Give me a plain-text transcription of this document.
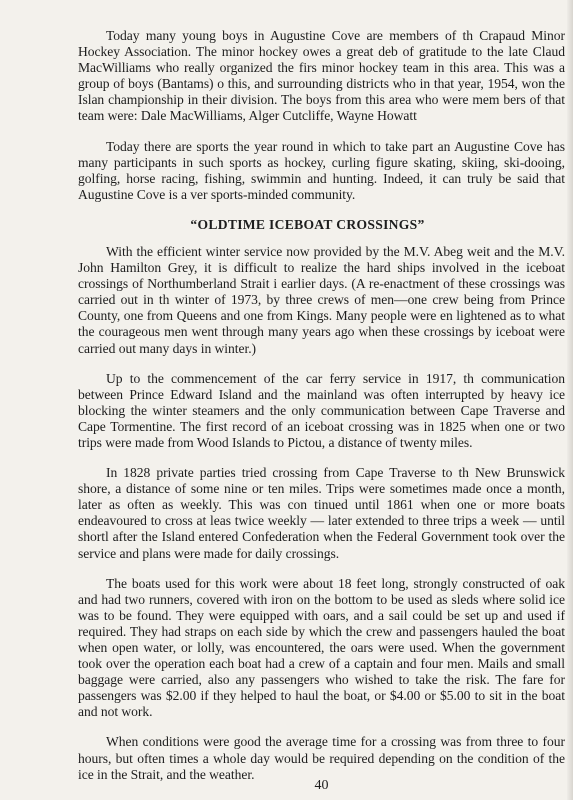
Today many young boys in Augustine Cove are members of th Crapaud Minor Hockey Association. The minor hockey owes a great deb of gratitude to the late Claud MacWilliams who really organized the firs minor hockey team in this area. This was a group of boys (Bantams) o this, and surrounding districts who in that year, 1954, won the Islan championship in their division. The boys from this area who were mem bers of that team were: Dale MacWilliams, Alger Cutcliffe, Wayne Howatt

Today there are sports the year round in which to take part an Augustine Cove has many participants in such sports as hockey, curling figure skating, skiing, ski-dooing, golfing, horse racing, fishing, swimmin and hunting. Indeed, it can truly be said that Augustine Cove is a ver sports-minded community.

“OLDTIME ICEBOAT CROSSINGS”

With the efficient winter service now provided by the M.V. Abeg weit and the M.V. John Hamilton Grey, it is difficult to realize the hard ships involved in the iceboat crossings of Northumberland Strait i earlier days. (A re-enactment of these crossings was carried out in th winter of 1973, by three crews of men—one crew being from Prince County, one from Queens and one from Kings. Many people were en lightened as to what the courageous men went through many years ago when these crossings by iceboat were carried out many days in winter.)

Up to the commencement of the car ferry service in 1917, th communication between Prince Edward Island and the mainland was often interrupted by heavy ice blocking the winter steamers and the only communication between Cape Traverse and Cape Tormentine. The first record of an iceboat crossing was in 1825 when one or two trips were made from Wood Islands to Pictou, a distance of twenty miles.

In 1828 private parties tried crossing from Cape Traverse to th New Brunswick shore, a distance of some nine or ten miles. Trips were sometimes made once a month, later as often as weekly. This was con tinued until 1861 when one or more boats endeavoured to cross at leas twice weekly — later extended to three trips a week — until shortl after the Island entered Confederation when the Federal Government took over the service and plans were made for daily crossings.

The boats used for this work were about 18 feet long, strongly constructed of oak and had two runners, covered with iron on the bottom to be used as sleds where solid ice was to be found. They were equipped with oars, and a sail could be set up and used if required. They had straps on each side by which the crew and passengers hauled the boat when open water, or lolly, was encountered, the oars were used. When the government took over the operation each boat had a crew of a captain and four men. Mails and small baggage were carried, also any passengers who wished to take the risk. The fare for passengers was $2.00 if they helped to haul the boat, or $4.00 or $5.00 to sit in the boat and not work.

When conditions were good the average time for a crossing was from three to four hours, but often times a whole day would be required depending on the condition of the ice in the Strait, and the weather.

40
